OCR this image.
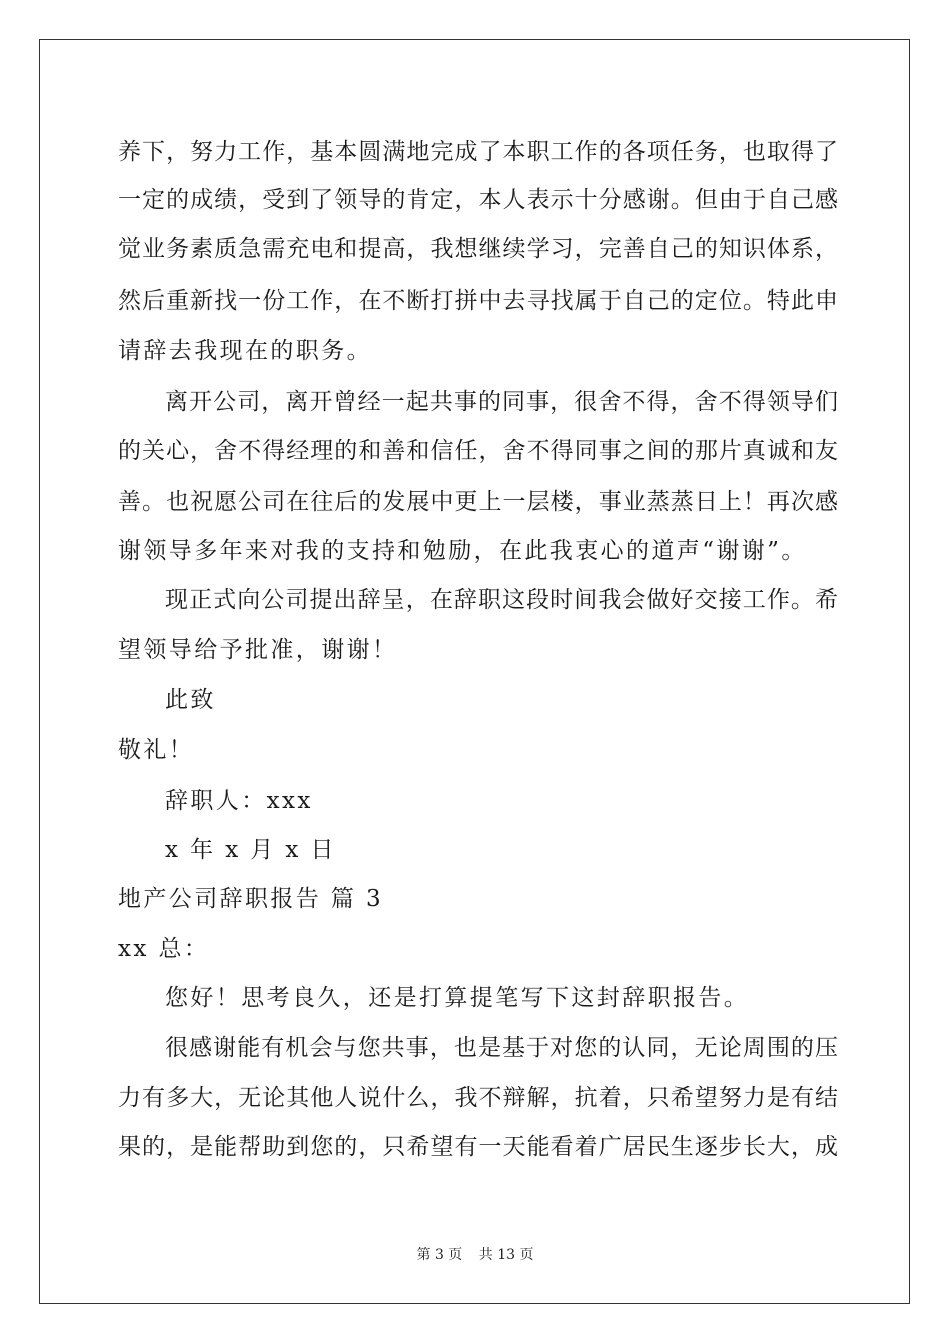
养下，努力工作，基本圆满地完成了本职工作的各项任务，也取得了
一定的成绩，受到了领导的肯定，本人表示十分感谢。但由于自己感
觉业务素质急需充电和提高，我想继续学习，完善自己的知识体系，
然后重新找一份工作，在不断打拼中去寻找属于自己的定位。特此申
请辞去我现在的职务。
离开公司，离开曾经一起共事的同事，很舍不得，舍不得领导们
的关心，舍不得经理的和善和信任，舍不得同事之间的那片真诚和友
善。也祝愿公司在往后的发展中更上一层楼，事业蒸蒸日上！再次感
谢领导多年来对我的支持和勉励，在此我衷心的道声“谢谢”。
现正式向公司提出辞呈，在辞职这段时间我会做好交接工作。希
望领导给予批准，谢谢！
此致
敬礼！
辞职人：xxx
x 年 x 月 x 日
地产公司辞职报告 篇 3
xx 总：
您好！思考良久，还是打算提笔写下这封辞职报告。
很感谢能有机会与您共事，也是基于对您的认同，无论周围的压
力有多大，无论其他人说什么，我不辩解，抗着，只希望努力是有结
果的，是能帮助到您的，只希望有一天能看着广居民生逐步长大，成
第 3 页 共 13 页
